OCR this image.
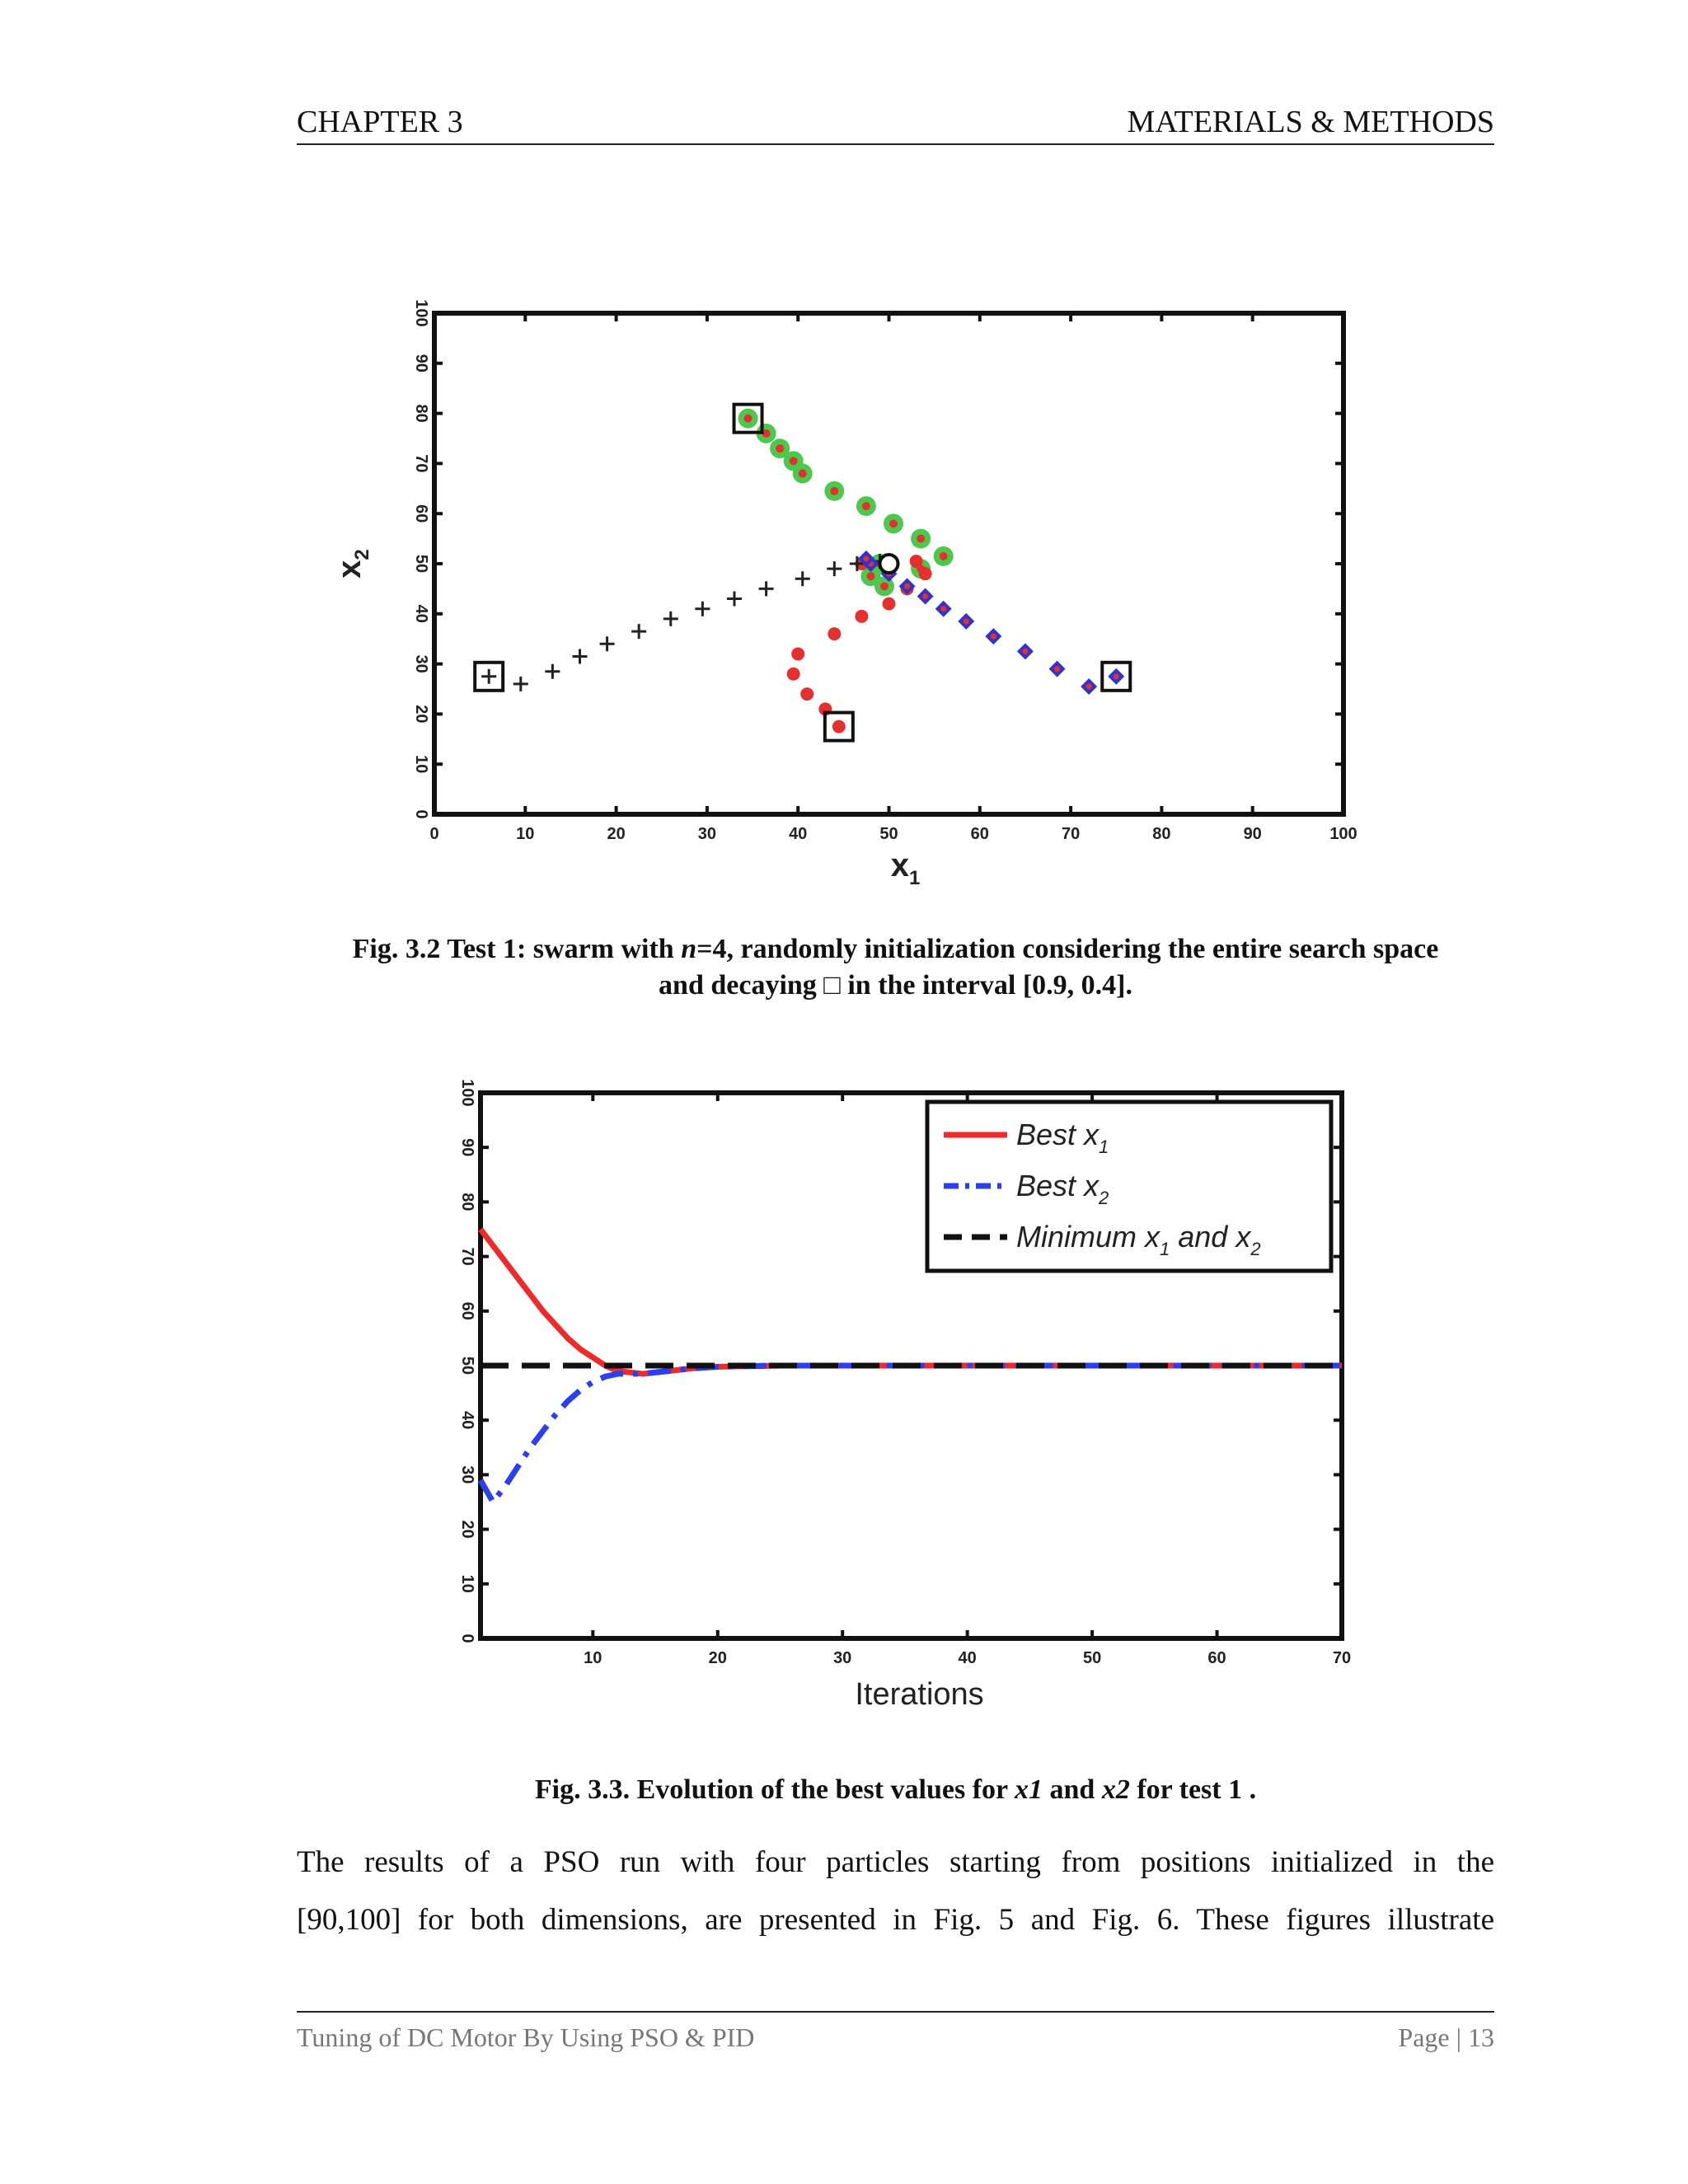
CHAPTER 3	MATERIALS & METHODS
0	10	20	30	40	50	60	70	80	90	100
0
10
20
30
40
50
60
70
80
90
100
$x_1$
$x_2$
Fig. 3.2 Test 1: swarm with n=4, randomly initialization considering the entire search space
and decaying □ in the interval [0.9, 0.4].
10	20	30	40	50	60	70
0
10
20
30
40
50
60
70
80
90
100
Iterations
Best $x_1$
Best $x_2$
Minimum $x_1$ and $x_2$
Fig. 3.3. Evolution of the best values for x1 and x2 for test 1 .
The results of a PSO run with four particles starting from positions initialized in the
[90,100] for both dimensions, are presented in Fig. 5 and Fig. 6. These figures illustrate
Tuning of DC Motor By Using PSO & PID	Page | 13
